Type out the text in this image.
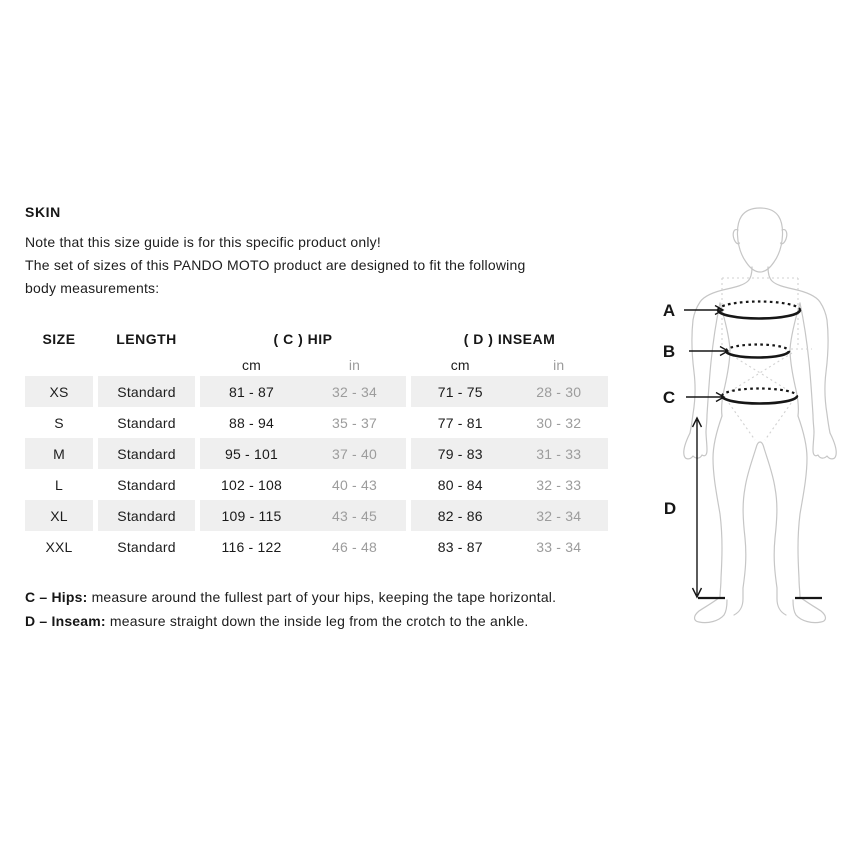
SKIN
Note that this size guide is for this specific product only!
The set of sizes of this PANDO MOTO product are designed to fit the following
body measurements:
SIZE	LENGTH	( C ) HIP	( D ) INSEAM
cm	in	cm	in
XS	Standard	81 - 87	32 - 34	71 - 75	28 - 30
S	Standard	88 - 94	35 - 37	77 - 81	30 - 32
M	Standard	95 - 101	37 - 40	79 - 83	31 - 33
L	Standard	102 - 108	40 - 43	80 - 84	32 - 33
XL	Standard	109 - 115	43 - 45	82 - 86	32 - 34
XXL	Standard	116 - 122	46 - 48	83 - 87	33 - 34
C – Hips: measure around the fullest part of your hips, keeping the tape horizontal.
D – Inseam: measure straight down the inside leg from the crotch to the ankle.
A
B
C
D
